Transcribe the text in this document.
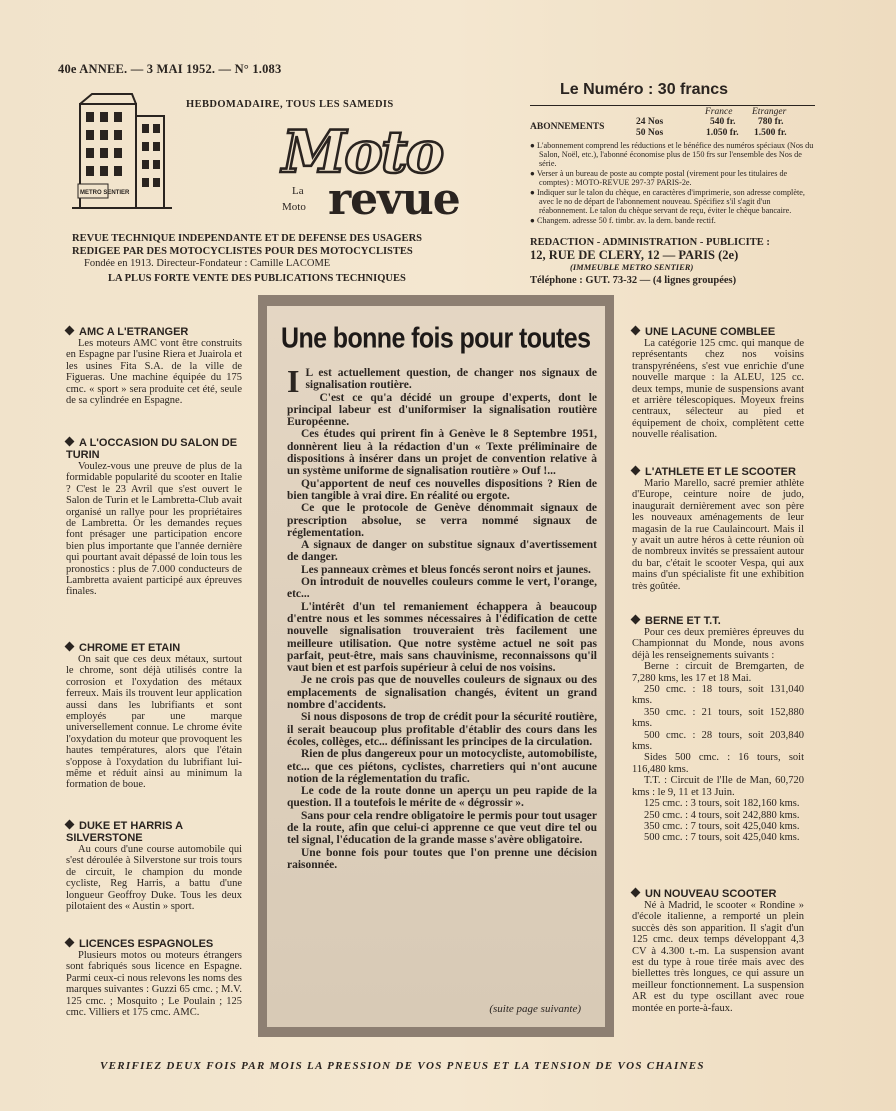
40e ANNEE. — 3 MAI 1952. — N° 1.083
METRO SENTIER
HEBDOMADAIRE, TOUS LES SAMEDIS
Moto
La
Moto revue
REVUE TECHNIQUE INDEPENDANTE ET DE DEFENSE DES USAGERS
REDIGEE PAR DES MOTOCYCLISTES POUR DES MOTOCYCLISTES
Fondée en 1913. Directeur-Fondateur : Camille LACOME
LA PLUS FORTE VENTE DES PUBLICATIONS TECHNIQUES
Le Numéro : 30 francs
France Etranger
ABONNEMENTS	24 Nos	540 fr. 780 fr.
50 Nos	1.050 fr. 1.500 fr.

● L'abonnement comprend les réductions et le bénéfice des numéros spéciaux (Nos du Salon, Noël, etc.), l'abonné économise plus de 150 frs sur l'ensemble des Nos de série.

● Verser à un bureau de poste au compte postal (virement pour les titulaires de comptes) : MOTO-REVUE 297-37 PARIS-2e.

● Indiquer sur le talon du chèque, en caractères d'imprimerie, son adresse complète, avec le no de départ de l'abonnement nouveau. Spécifiez s'il s'agit d'un réabonnement. Le talon du chèque servant de reçu, éviter le chèque bancaire.

● Changem. adresse 50 f. timbr. av. la dern. bande rectif.

REDACTION - ADMINISTRATION - PUBLICITE :
12, RUE DE CLERY, 12 — PARIS (2e)
(IMMEUBLE METRO SENTIER)
Téléphone : GUT. 73-32 — (4 lignes groupées)
AMC A L'ETRANGER

Les moteurs AMC vont être construits en Espagne par l'usine Riera et Juairola et les usines Fita S.A. de la ville de Figueras. Une machine équipée du 175 cmc. « sport » sera produite cet été, seule de sa cylindrée en Espagne.

A L'OCCASION DU SALON DE TURIN

Voulez-vous une preuve de plus de la formidable popularité du scooter en Italie ? C'est le 23 Avril que s'est ouvert le Salon de Turin et le Lambretta-Club avait organisé un rallye pour les propriétaires de Lambretta. Or les demandes reçues font présager une participation encore bien plus importante que l'année dernière qui pourtant avait dépassé de loin tous les pronostics : plus de 7.000 conducteurs de Lambretta avaient participé aux épreuves finales.

CHROME ET ETAIN

On sait que ces deux métaux, surtout le chrome, sont déjà utilisés contre la corrosion et l'oxydation des métaux ferreux. Mais ils trouvent leur application aussi dans les lubrifiants et sont employés par une marque universellement connue. Le chrome évite l'oxydation du moteur que provoquent les hautes températures, alors que l'étain s'oppose à l'oxydation du lubrifiant lui-même et réduit ainsi au minimum la formation de boue.

DUKE ET HARRIS A SILVERSTONE

Au cours d'une course automobile qui s'est déroulée à Silverstone sur trois tours de circuit, le champion du monde cycliste, Reg Harris, a battu d'une longueur Geoffroy Duke. Tous les deux pilotaient des « Austin » sport.

LICENCES ESPAGNOLES

Plusieurs motos ou moteurs étrangers sont fabriqués sous licence en Espagne. Parmi ceux-ci nous relevons les noms des marques suivantes : Guzzi 65 cmc. ; M.V. 125 cmc. ; Mosquito ; Le Poulain ; 125 cmc. Villiers et 175 cmc. AMC.

Une bonne fois pour toutes

I L est actuellement question, de changer nos signaux de signalisation routière.

C'est ce qu'a décidé un groupe d'experts, dont le principal labeur est d'uniformiser la signalisation routière Européenne.

Ces études qui prirent fin à Genève le 8 Septembre 1951, donnèrent lieu à la rédaction d'un « Texte préliminaire de dispositions à insérer dans un projet de convention relative à un système uniforme de signalisation routière » Ouf !...

Qu'apportent de neuf ces nouvelles dispositions ? Rien de bien tangible à vrai dire. En réalité ou ergote.

Ce que le protocole de Genève dénommait signaux de prescription absolue, se verra nommé signaux de réglementation.

A signaux de danger on substitue signaux d'avertissement de danger.

Les panneaux crèmes et bleus foncés seront noirs et jaunes.

On introduit de nouvelles couleurs comme le vert, l'orange, etc...

L'intérêt d'un tel remaniement échappera à beaucoup d'entre nous et les sommes nécessaires à l'édification de cette nouvelle signalisation trouveraient très facilement une meilleure utilisation. Que notre système actuel ne soit pas parfait, peut-être, mais sans chauvinisme, reconnaissons qu'il vaut bien et est parfois supérieur à celui de nos voisins.

Je ne crois pas que de nouvelles couleurs de signaux ou des emplacements de signalisation changés, évitent un grand nombre d'accidents.

Si nous disposons de trop de crédit pour la sécurité routière, il serait beaucoup plus profitable d'établir des cours dans les écoles, collèges, etc... définissant les principes de la circulation.

Rien de plus dangereux pour un motocycliste, automobiliste, etc... que ces piétons, cyclistes, charretiers qui n'ont aucune notion de la réglementation du trafic.

Le code de la route donne un aperçu un peu rapide de la question. Il a toutefois le mérite de « dégrossir ».

Sans pour cela rendre obligatoire le permis pour tout usager de la route, afin que celui-ci apprenne ce que veut dire tel ou tel signal, l'éducation de la grande masse s'avère obligatoire.

Une bonne fois pour toutes que l'on prenne une décision raisonnée.

(suite page suivante)
UNE LACUNE COMBLEE

La catégorie 125 cmc. qui manque de représentants chez nos voisins transpyrénéens, s'est vue enrichie d'une nouvelle marque : la ALEU, 125 cc. deux temps, munie de suspensions avant et arrière télescopiques. Moyeux freins centraux, sélecteur au pied et équipement de choix, complètent cette nouvelle réalisation.

L'ATHLETE ET LE SCOOTER

Mario Marello, sacré premier athlète d'Europe, ceinture noire de judo, inaugurait dernièrement avec son père les nouveaux aménagements de leur magasin de la rue Caulaincourt. Mais il y avait un autre héros à cette réunion où de nombreux invités se pressaient autour du bar, c'était le scooter Vespa, qui aux mains d'un spécialiste fit une exhibition très goûtée.

BERNE ET T.T.

Pour ces deux premières épreuves du Championnat du Monde, nous avons déjà les renseignements suivants :

Berne : circuit de Bremgarten, de 7,280 kms, les 17 et 18 Mai.

250 cmc. : 18 tours, soit 131,040 kms.

350 cmc. : 21 tours, soit 152,880 kms.

500 cmc. : 28 tours, soit 203,840 kms.

Sides 500 cmc. : 16 tours, soit 116,480 kms.

T.T. : Circuit de l'Ile de Man, 60,720 kms : le 9, 11 et 13 Juin.

125 cmc. : 3 tours, soit 182,160 kms.

250 cmc. : 4 tours, soit 242,880 kms.

350 cmc. : 7 tours, soit 425,040 kms.

500 cmc. : 7 tours, soit 425,040 kms.

UN NOUVEAU SCOOTER

Né à Madrid, le scooter « Rondine » d'école italienne, a remporté un plein succès dès son apparition. Il s'agit d'un 125 cmc. deux temps développant 4,3 CV à 4.300 t.-m. La suspension avant est du type à roue tirée mais avec des biellettes très longues, ce qui assure un meilleur fonctionnement. La suspension AR est du type oscillant avec roue montée en porte-à-faux.

VERIFIEZ DEUX FOIS PAR MOIS LA PRESSION DE VOS PNEUS ET LA TENSION DE VOS CHAINES
